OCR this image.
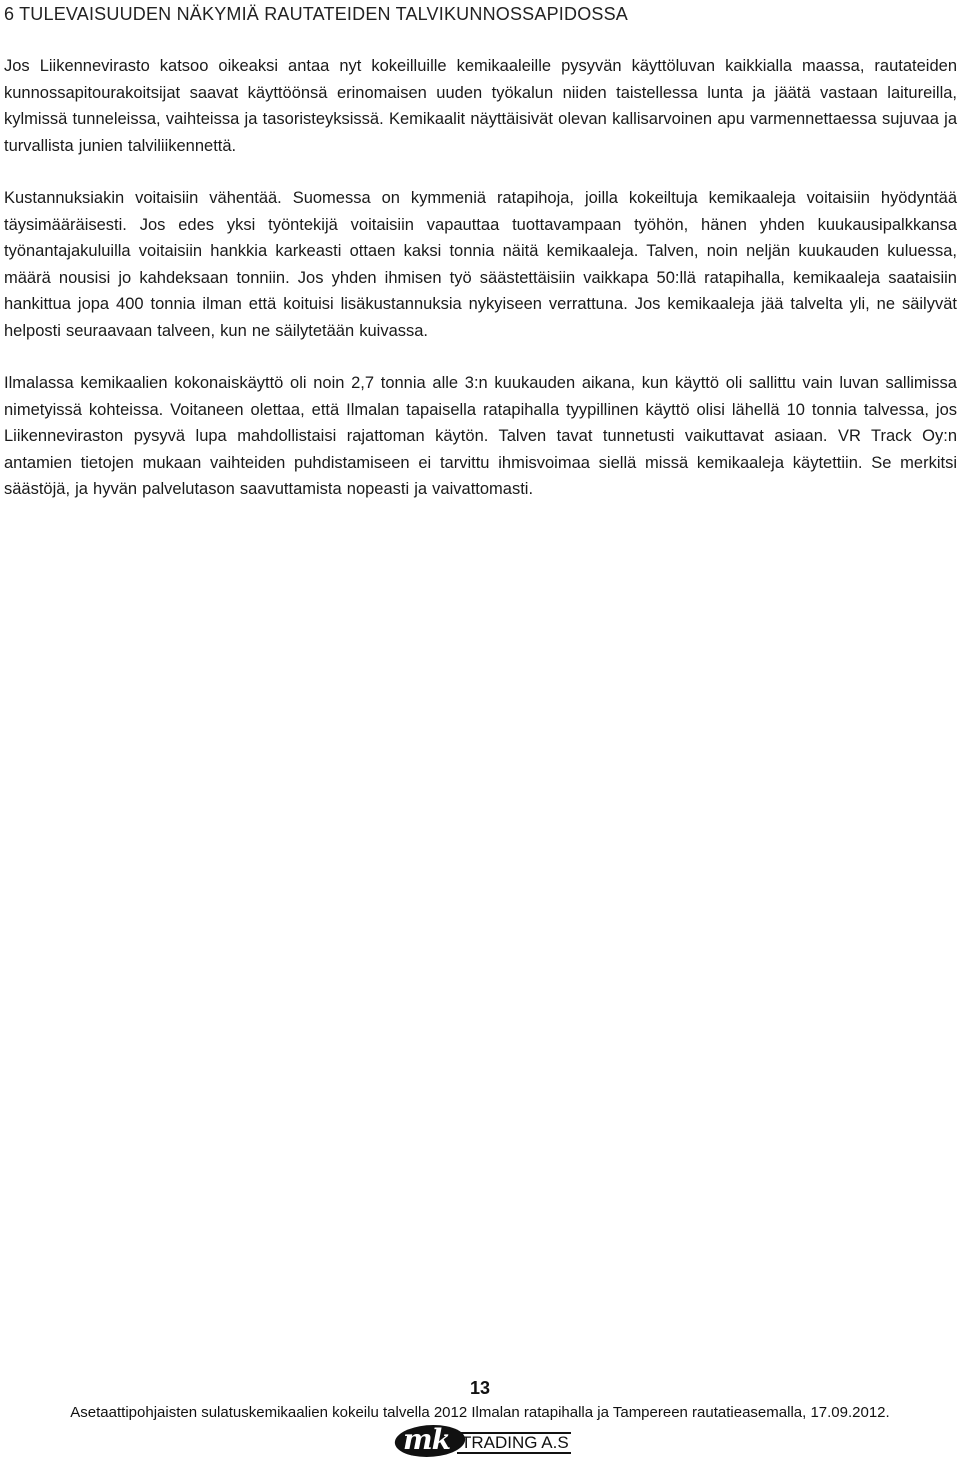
6 TULEVAISUUDEN NÄKYMIÄ RAUTATEIDEN TALVIKUNNOSSAPIDOSSA

Jos Liikennevirasto katsoo oikeaksi antaa nyt kokeilluille kemikaaleille pysyvän käyttöluvan kaikkialla maassa, rautateiden kunnossapitourakoitsijat saavat käyttöönsä erinomaisen uuden työkalun niiden taistellessa lunta ja jäätä vastaan laitureilla, kylmissä tunneleissa, vaihteissa ja tasoristeyksissä. Kemikaalit näyttäisivät olevan kallisarvoinen apu varmennettaessa sujuvaa ja turvallista junien talviliikennettä.

Kustannuksiakin voitaisiin vähentää. Suomessa on kymmeniä ratapihoja, joilla kokeiltuja kemikaaleja voitaisiin hyödyntää täysimääräisesti. Jos edes yksi työntekijä voitaisiin vapauttaa tuottavampaan työhön, hänen yhden kuukausipalkkansa työnantajakuluilla voitaisiin hankkia karkeasti ottaen kaksi tonnia näitä kemikaaleja. Talven, noin neljän kuukauden kuluessa, määrä nousisi jo kahdeksaan tonniin. Jos yhden ihmisen työ säästettäisiin vaikkapa 50:llä ratapihalla, kemikaaleja saataisiin hankittua jopa 400 tonnia ilman että koituisi lisäkustannuksia nykyiseen verrattuna. Jos kemikaaleja jää talvelta yli, ne säilyvät helposti seuraavaan talveen, kun ne säilytetään kuivassa.

Ilmalassa kemikaalien kokonaiskäyttö oli noin 2,7 tonnia alle 3:n kuukauden aikana, kun käyttö oli sallittu vain luvan sallimissa nimetyissä kohteissa. Voitaneen olettaa, että Ilmalan tapaisella ratapihalla tyypillinen käyttö olisi lähellä 10 tonnia talvessa, jos Liikenneviraston pysyvä lupa mahdollistaisi rajattoman käytön. Talven tavat tunnetusti vaikuttavat asiaan. VR Track Oy:n antamien tietojen mukaan vaihteiden puhdistamiseen ei tarvittu ihmisvoimaa siellä missä kemikaaleja käytettiin. Se merkitsi säästöjä, ja hyvän palvelutason saavuttamista nopeasti ja vaivattomasti.

13
Asetaattipohjaisten sulatuskemikaalien kokeilu talvella 2012 Ilmalan ratapihalla ja Tampereen rautatieasemalla, 17.09.2012.
mk TRADING A.S
